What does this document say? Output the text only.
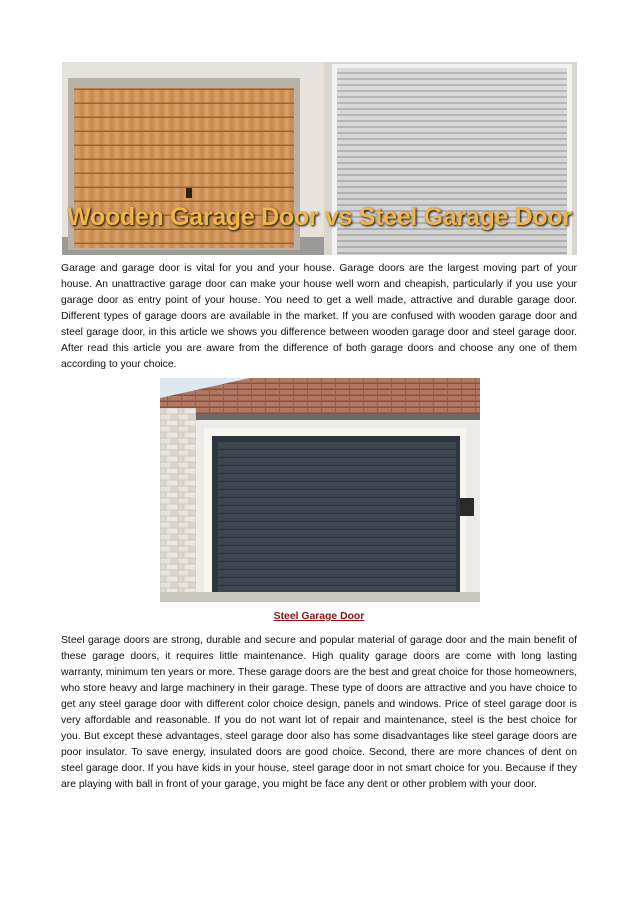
Wooden Garage Door vs Steel Garage Door

Garage and garage door is vital for you and your house. Garage doors are the largest moving part of your house. An unattractive garage door can make your house well worn and cheapish, particularly if you use your garage door as entry point of your house. You need to get a well made, attractive and durable garage door. Different types of garage doors are available in the market. If you are confused with wooden garage door and steel garage door, in this article we shows you difference between wooden garage door and steel garage door. After read this article you are aware from the difference of both garage doors and choose any one of them according to your choice.

Steel Garage Door

Steel garage doors are strong, durable and secure and popular material of garage door and the main benefit of these garage doors, it requires little maintenance. High quality garage doors are come with long lasting warranty, minimum ten years or more. These garage doors are the best and great choice for those homeowners, who store heavy and large machinery in their garage. These type of doors are attractive and you have choice to get any steel garage door with different color choice design, panels and windows. Price of steel garage door is very affordable and reasonable. If you do not want lot of repair and maintenance, steel is the best choice for you. But except these advantages, steel garage door also has some disadvantages like steel garage doors are poor insulator. To save energy, insulated doors are good choice. Second, there are more chances of dent on steel garage door. If you have kids in your house, steel garage door in not smart choice for you. Because if they are playing with ball in front of your garage, you might be face any dent or other problem with your door.
